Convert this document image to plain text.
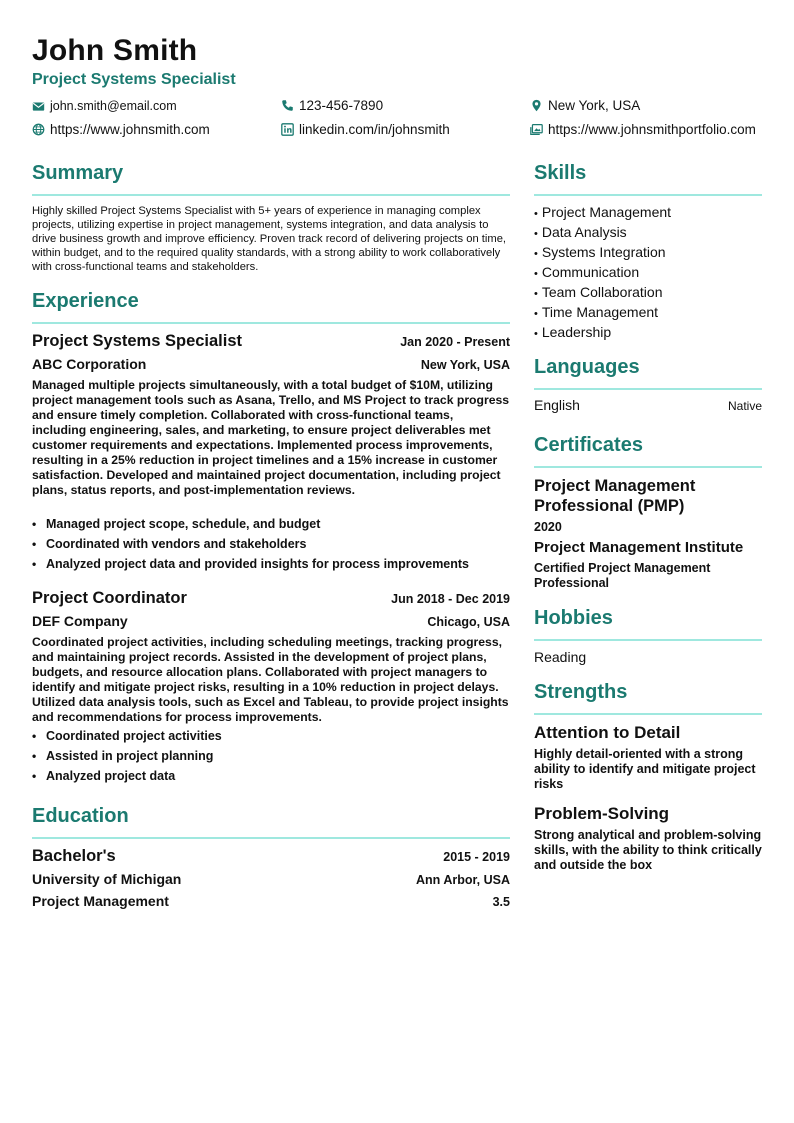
John Smith
Project Systems Specialist
john.smith@email.com	123-456-7890	New York, USA
https://www.johnsmith.com	linkedin.com/in/johnsmith	https://www.johnsmithportfolio.com
Summary
Highly skilled Project Systems Specialist with 5+ years of experience in managing complex projects, utilizing expertise in project management, systems integration, and data analysis to drive business growth and improve efficiency. Proven track record of delivering projects on time, within budget, and to the required quality standards, with a strong ability to work collaboratively with cross-functional teams and stakeholders.
Experience
Project Systems Specialist	Jan 2020 - Present
ABC Corporation	New York, USA
Managed multiple projects simultaneously, with a total budget of $10M, utilizing project management tools such as Asana, Trello, and MS Project to track progress and ensure timely completion. Collaborated with cross-functional teams, including engineering, sales, and marketing, to ensure project deliverables met customer requirements and expectations. Implemented process improvements, resulting in a 25% reduction in project timelines and a 15% increase in customer satisfaction. Developed and maintained project documentation, including project plans, status reports, and post-implementation reviews.
• Managed project scope, schedule, and budget
• Coordinated with vendors and stakeholders
• Analyzed project data and provided insights for process improvements
Project Coordinator	Jun 2018 - Dec 2019
DEF Company	Chicago, USA
Coordinated project activities, including scheduling meetings, tracking progress, and maintaining project records. Assisted in the development of project plans, budgets, and resource allocation plans. Collaborated with project managers to identify and mitigate project risks, resulting in a 10% reduction in project delays. Utilized data analysis tools, such as Excel and Tableau, to provide project insights and recommendations for process improvements.
• Coordinated project activities
• Assisted in project planning
• Analyzed project data
Education
Bachelor's	2015 - 2019
University of Michigan	Ann Arbor, USA
Project Management	3.5
Skills
• Project Management
• Data Analysis
• Systems Integration
• Communication
• Team Collaboration
• Time Management
• Leadership
Languages
English	Native
Certificates
Project Management Professional (PMP)
2020
Project Management Institute
Certified Project Management Professional
Hobbies
Reading
Strengths
Attention to Detail
Highly detail-oriented with a strong ability to identify and mitigate project risks
Problem-Solving
Strong analytical and problem-solving skills, with the ability to think critically and outside the box
